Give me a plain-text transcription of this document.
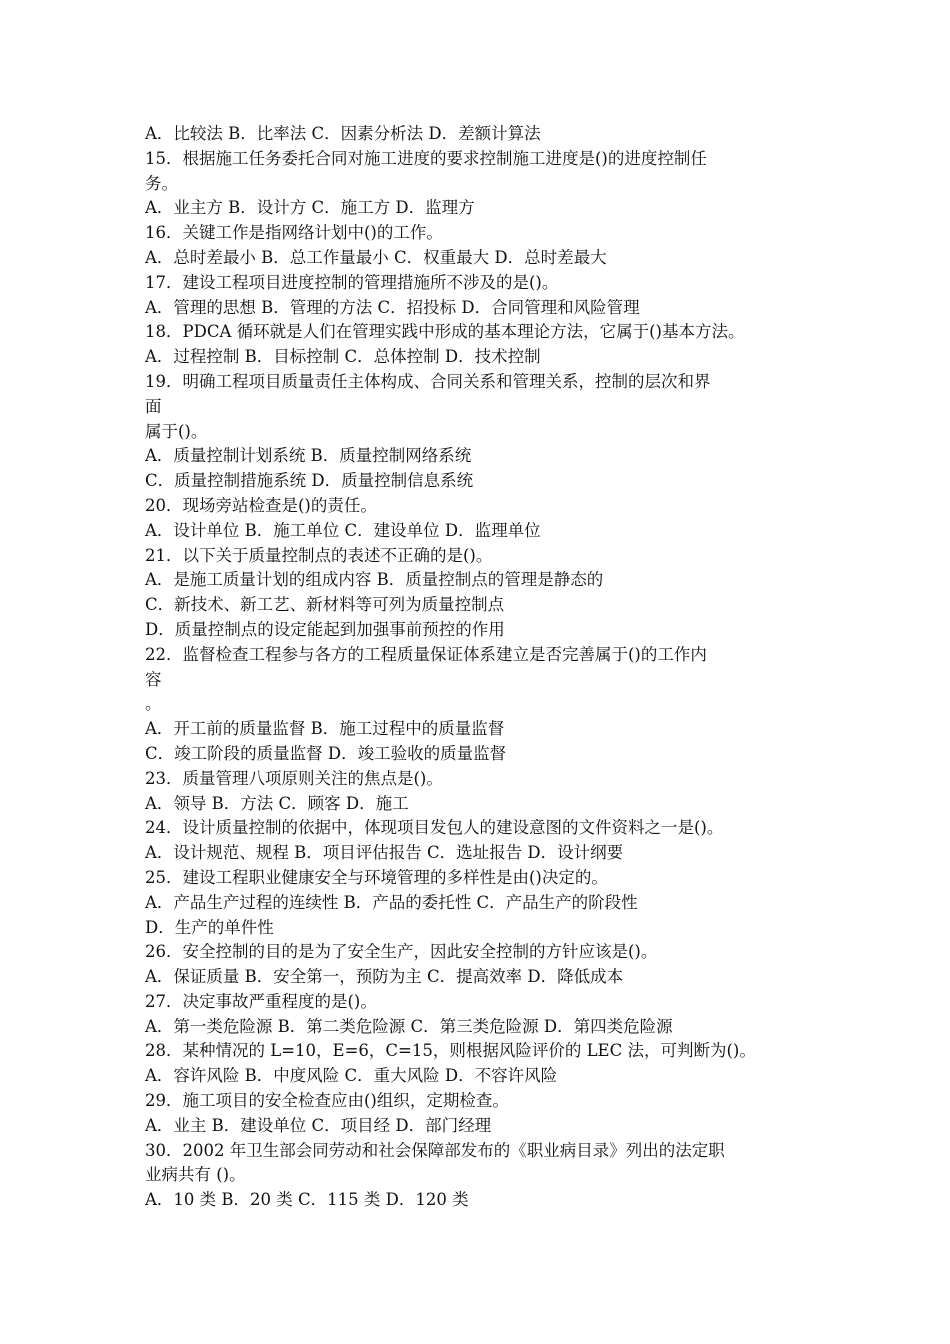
A．比较法 B．比率法 C．因素分析法 D．差额计算法
15．根据施工任务委托合同对施工进度的要求控制施工进度是()的进度控制任
务。
A．业主方 B．设计方 C．施工方 D．监理方
16．关键工作是指网络计划中()的工作。
A．总时差最小 B．总工作量最小 C．权重最大 D．总时差最大
17．建设工程项目进度控制的管理措施所不涉及的是()。
A．管理的思想 B．管理的方法 C．招投标 D．合同管理和风险管理
18．PDCA 循环就是人们在管理实践中形成的基本理论方法，它属于()基本方法。
A．过程控制 B．目标控制 C．总体控制 D．技术控制
19．明确工程项目质量责任主体构成、合同关系和管理关系，控制的层次和界
面
属于()。
A．质量控制计划系统 B．质量控制网络系统
C．质量控制措施系统 D．质量控制信息系统
20．现场旁站检查是()的责任。
A．设计单位 B．施工单位 C．建设单位 D．监理单位
21．以下关于质量控制点的表述不正确的是()。
A．是施工质量计划的组成内容 B．质量控制点的管理是静态的
C．新技术、新工艺、新材料等可列为质量控制点
D．质量控制点的设定能起到加强事前预控的作用
22．监督检查工程参与各方的工程质量保证体系建立是否完善属于()的工作内
容
。
A．开工前的质量监督 B．施工过程中的质量监督
C．竣工阶段的质量监督 D．竣工验收的质量监督
23．质量管理八项原则关注的焦点是()。
A．领导 B．方法 C．顾客 D．施工
24．设计质量控制的依据中，体现项目发包人的建设意图的文件资料之一是()。
A．设计规范、规程 B．项目评估报告 C．选址报告 D．设计纲要
25．建设工程职业健康安全与环境管理的多样性是由()决定的。
A．产品生产过程的连续性 B．产品的委托性 C．产品生产的阶段性
D．生产的单件性
26．安全控制的目的是为了安全生产，因此安全控制的方针应该是()。
A．保证质量 B．安全第一，预防为主 C．提高效率 D．降低成本
27．决定事故严重程度的是()。
A．第一类危险源 B．第二类危险源 C．第三类危险源 D．第四类危险源
28．某种情况的 L=10，E=6，C=15，则根据风险评价的 LEC 法，可判断为()。
A．容许风险 B．中度风险 C．重大风险 D．不容许风险
29．施工项目的安全检查应由()组织，定期检查。
A．业主 B．建设单位 C．项目经 D．部门经理
30．2002 年卫生部会同劳动和社会保障部发布的《职业病目录》列出的法定职
业病共有 ()。
A．10 类 B．20 类 C．115 类 D．120 类
